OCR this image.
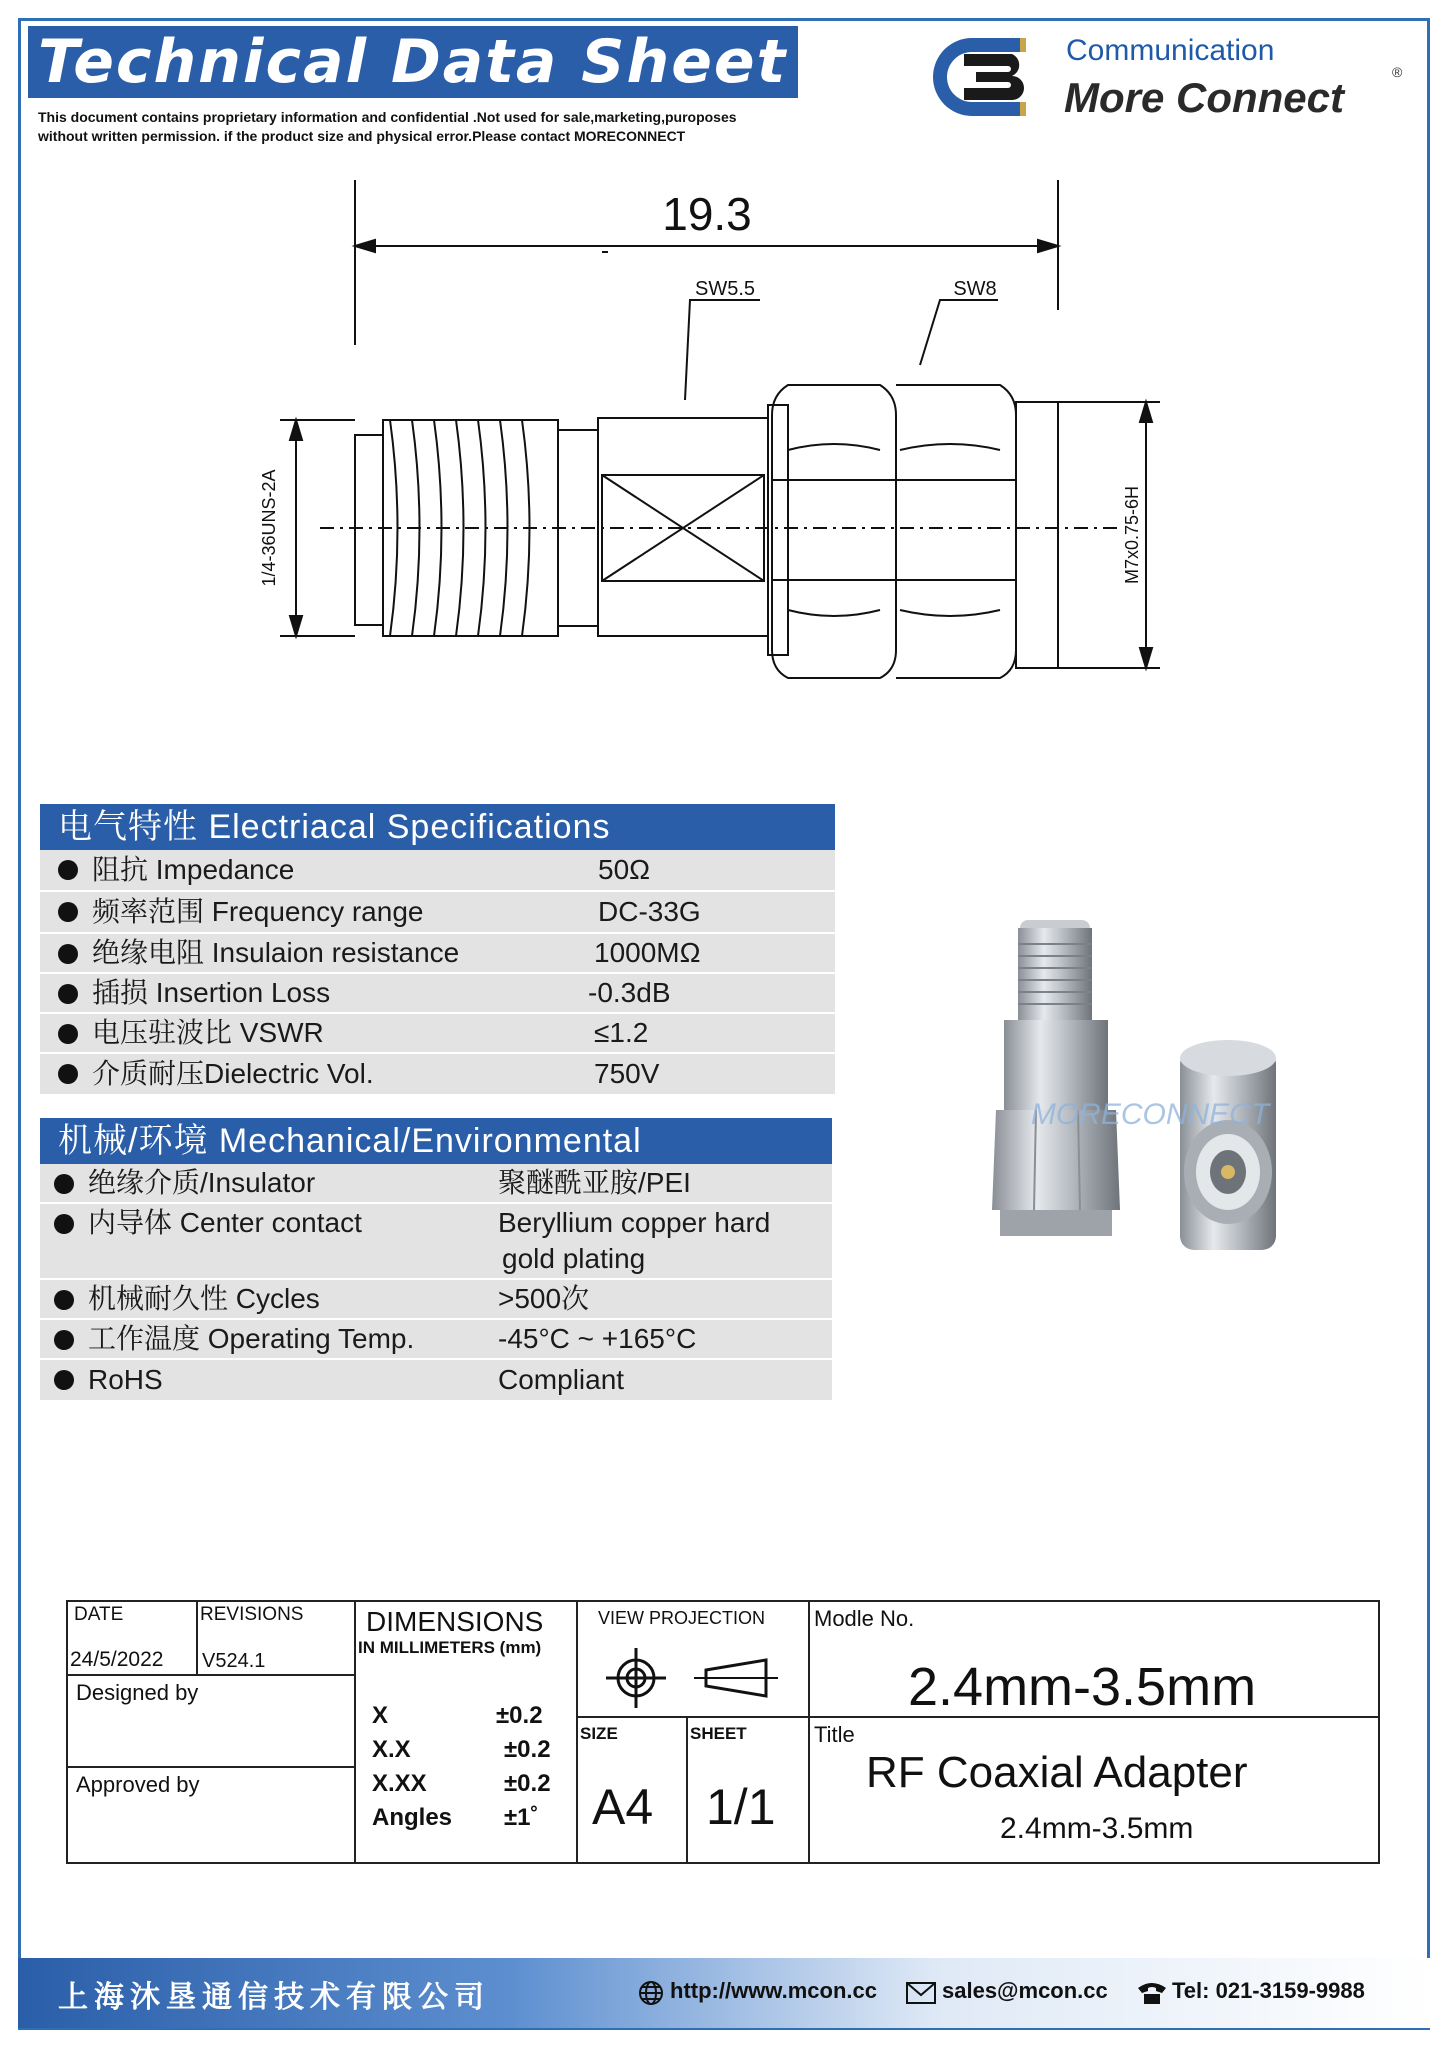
Technical Data Sheet
This document contains proprietary information and confidential .Not used for sale,marketing,puroposes
without written permission. if the product size and physical error.Please contact MORECONNECT
Communication
More Connect
®
19.3
SW5.5	SW8
1/4-36UNS-2A	M7x0.75-6H
电气特性 Electriacal Specifications
阻抗 Impedance	50Ω
频率范围 Frequency range	DC-33G
绝缘电阻 Insulaion resistance	1000MΩ
插损 Insertion Loss	-0.3dB
电压驻波比 VSWR	≤1.2
介质耐压Dielectric Vol.	750V
机械/环境 Mechanical/Environmental
绝缘介质/Insulator	聚醚酰亚胺/PEI
内导体 Center contact	Beryllium copper hard
gold plating
机械耐久性 Cycles	>500次
工作温度 Operating Temp.	-45°C ~ +165°C
RoHS	Compliant
MORECONNECT
DATE	REVISIONS
24/5/2022 V524.1
Designed by
Approved by
DIMENSIONS
IN MILLIMETERS (mm)
X	±0.2
X.X	±0.2
X.XX	±0.2
Angles ±1˚
VIEW PROJECTION
SIZE	SHEET
A4 1/1
Modle No.
2.4mm-3.5mm
Title
RF Coaxial Adapter
2.4mm-3.5mm
上海沐垦通信技术有限公司	http://www.mcon.cc	sales@mcon.cc	Tel: 021-3159-9988
